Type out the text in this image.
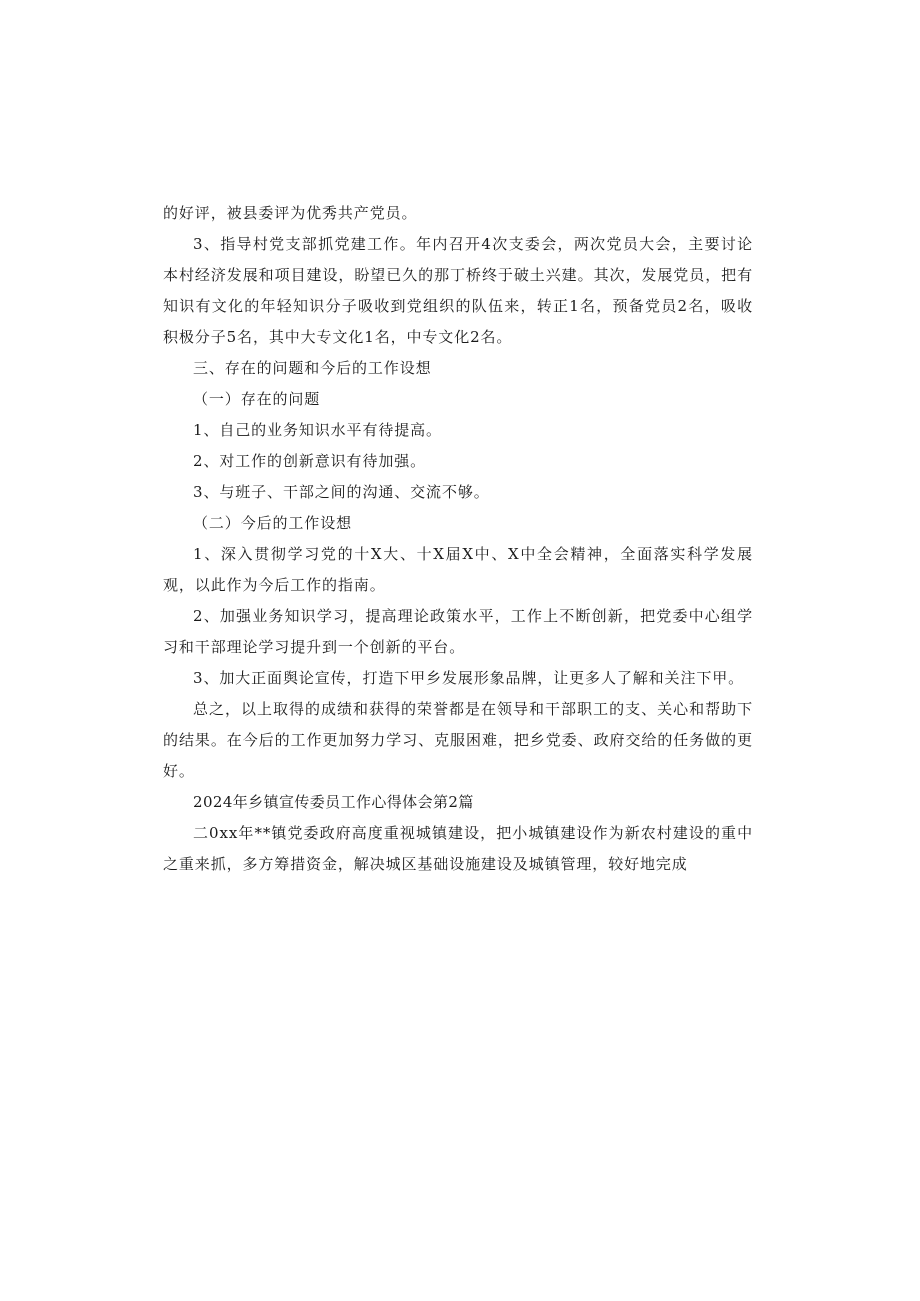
的好评，被县委评为优秀共产党员。

3、指导村党支部抓党建工作。年内召开4次支委会，两次党员大会，主要讨论本村经济发展和项目建设，盼望已久的那丁桥终于破土兴建。其次，发展党员，把有知识有文化的年轻知识分子吸收到党组织的队伍来，转正1名，预备党员2名，吸收积极分子5名，其中大专文化1名，中专文化2名。

三、存在的问题和今后的工作设想

（一）存在的问题

1、自己的业务知识水平有待提高。

2、对工作的创新意识有待加强。

3、与班子、干部之间的沟通、交流不够。

（二）今后的工作设想

1、深入贯彻学习党的十X大、十X届X中、X中全会精神，全面落实科学发展观，以此作为今后工作的指南。

2、加强业务知识学习，提高理论政策水平，工作上不断创新，把党委中心组学习和干部理论学习提升到一个创新的平台。

3、加大正面舆论宣传，打造下甲乡发展形象品牌，让更多人了解和关注下甲。

总之，以上取得的成绩和获得的荣誉都是在领导和干部职工的支、关心和帮助下的结果。在今后的工作更加努力学习、克服困难，把乡党委、政府交给的任务做的更好。

2024年乡镇宣传委员工作心得体会第2篇

二0xx年**镇党委政府高度重视城镇建设，把小城镇建设作为新农村建设的重中之重来抓，多方筹措资金，解决城区基础设施建设及城镇管理，较好地完成
